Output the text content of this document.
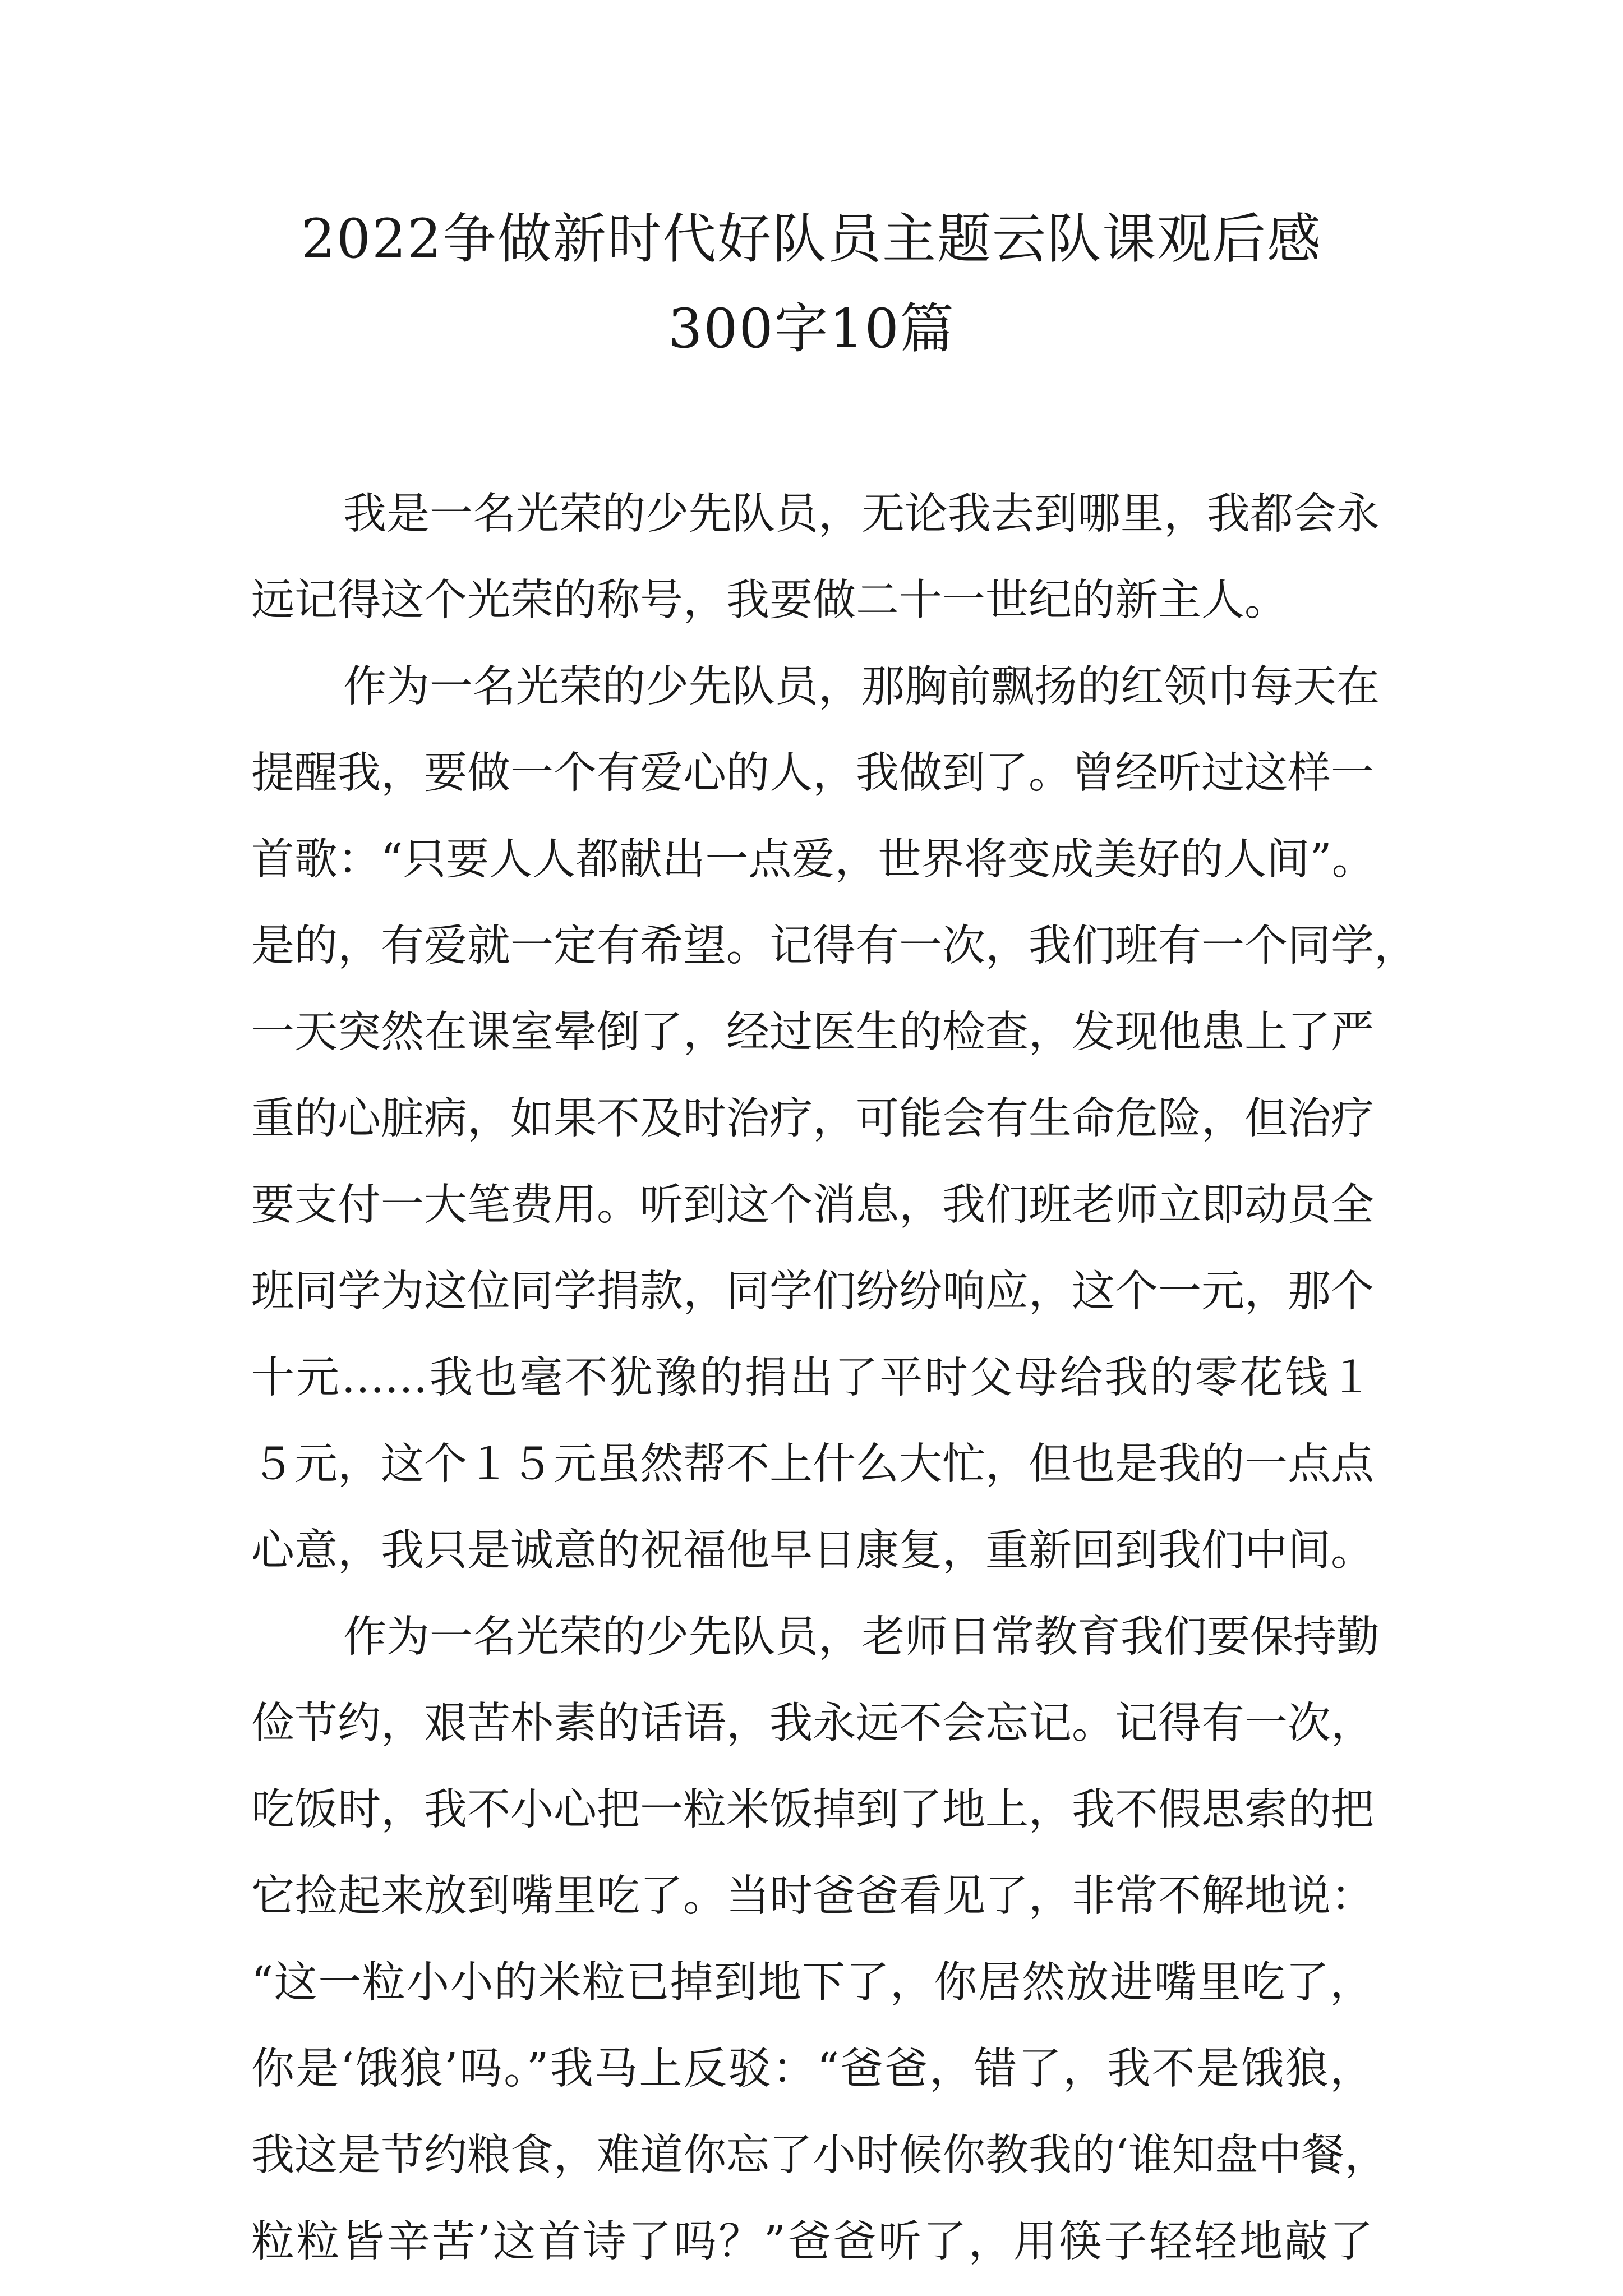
2022争做新时代好队员主题云队课观后感
300字10篇
我是一名光荣的少先队员，无论我去到哪里，我都会永
远记得这个光荣的称号，我要做二十一世纪的新主人。
作为一名光荣的少先队员，那胸前飘扬的红领巾每天在
提醒我，要做一个有爱心的人，我做到了。曾经听过这样一
首歌：“只要人人都献出一点爱，世界将变成美好的人间”。
是的，有爱就一定有希望。记得有一次，我们班有一个同学，
一天突然在课室晕倒了，经过医生的检查，发现他患上了严
重的心脏病，如果不及时治疗，可能会有生命危险，但治疗
要支付一大笔费用。听到这个消息，我们班老师立即动员全
班同学为这位同学捐款，同学们纷纷响应，这个一元，那个
十元……我也毫不犹豫的捐出了平时父母给我的零花钱１
５元，这个１５元虽然帮不上什么大忙，但也是我的一点点
心意，我只是诚意的祝福他早日康复，重新回到我们中间。
作为一名光荣的少先队员，老师日常教育我们要保持勤
俭节约，艰苦朴素的话语，我永远不会忘记。记得有一次，
吃饭时，我不小心把一粒米饭掉到了地上，我不假思索的把
它捡起来放到嘴里吃了。当时爸爸看见了，非常不解地说：
“这一粒小小的米粒已掉到地下了，你居然放进嘴里吃了，
你是‘饿狼’吗。”我马上反驳：“爸爸，错了，我不是饿狼，
我这是节约粮食，难道你忘了小时候你教我的‘谁知盘中餐，
粒粒皆辛苦’这首诗了吗？”爸爸听了，用筷子轻轻地敲了
